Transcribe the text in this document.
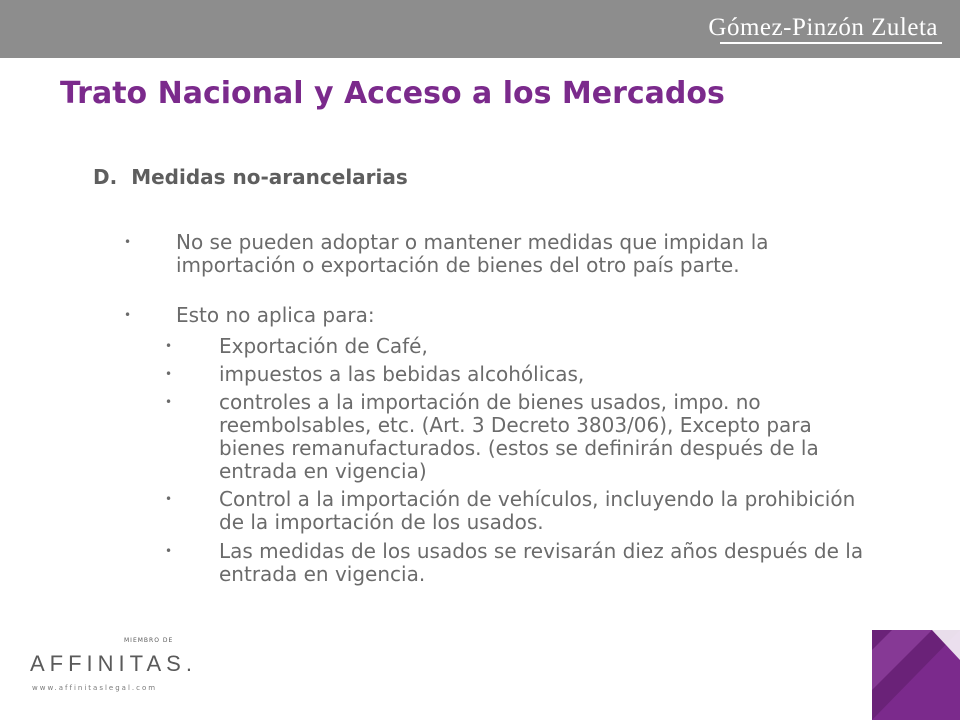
Gómez-Pinzón Zuleta
Trato Nacional y Acceso a los Mercados
D. Medidas no-arancelarias
• No se pueden adoptar o mantener medidas que impidan la importación o exportación de bienes del otro país parte.
• Esto no aplica para:
• Exportación de Café,
• impuestos a las bebidas alcohólicas,
• controles a la importación de bienes usados, impo. no reembolsables, etc. (Art. 3 Decreto 3803/06), Excepto para bienes remanufacturados. (estos se definirán después de la entrada en vigencia)
• Control a la importación de vehículos, incluyendo la prohibición de la importación de los usados.
• Las medidas de los usados se revisarán diez años después de la entrada en vigencia.
MIEMBRO DE
AFFINITAS.
www.affinitaslegal.com
